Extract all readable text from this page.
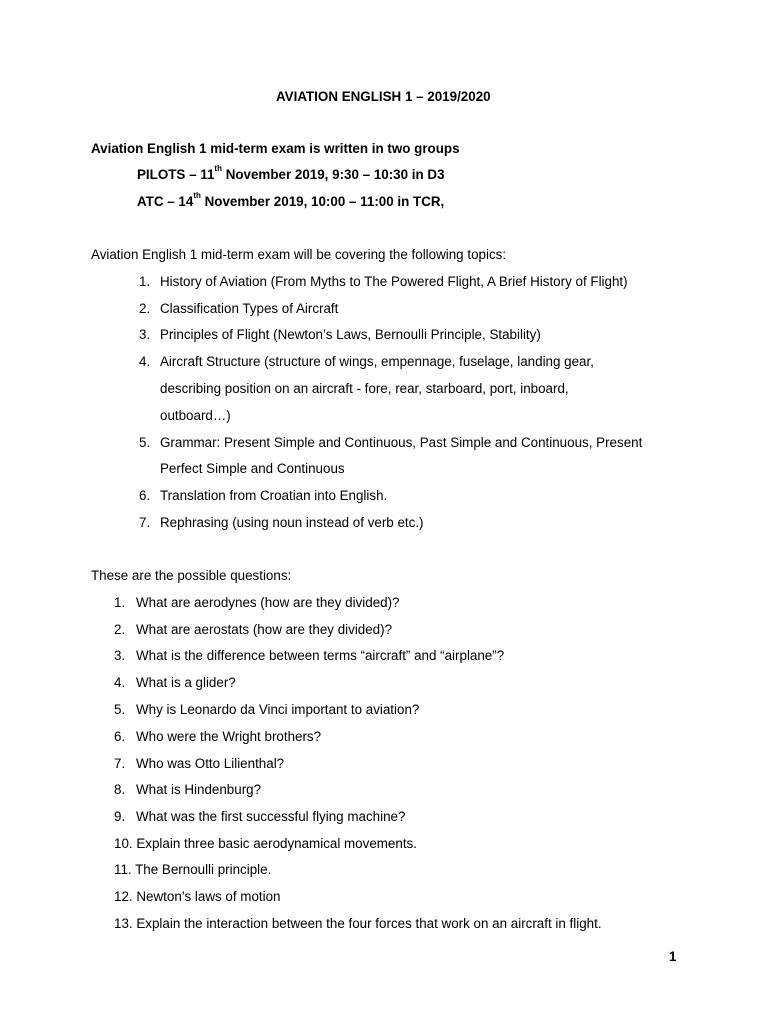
AVIATION ENGLISH 1 – 2019/2020
Aviation English 1 mid-term exam is written in two groups
PILOTS – 11th November 2019, 9:30 – 10:30 in D3
ATC – 14th November 2019, 10:00 – 11:00 in TCR,
Aviation English 1 mid-term exam will be covering the following topics:
1. History of Aviation (From Myths to The Powered Flight, A Brief History of Flight)
2. Classification Types of Aircraft
3. Principles of Flight (Newton’s Laws, Bernoulli Principle, Stability)
4. Aircraft Structure (structure of wings, empennage, fuselage, landing gear,
describing position on an aircraft - fore, rear, starboard, port, inboard,
outboard…)
5. Grammar: Present Simple and Continuous, Past Simple and Continuous, Present
Perfect Simple and Continuous
6. Translation from Croatian into English.
7. Rephrasing (using noun instead of verb etc.)
These are the possible questions:
1. What are aerodynes (how are they divided)?
2. What are aerostats (how are they divided)?
3. What is the difference between terms “aircraft” and “airplane”?
4. What is a glider?
5. Why is Leonardo da Vinci important to aviation?
6. Who were the Wright brothers?
7. Who was Otto Lilienthal?
8. What is Hindenburg?
9. What was the first successful flying machine?
10. Explain three basic aerodynamical movements.
11. The Bernoulli principle.
12. Newton’s laws of motion
13. Explain the interaction between the four forces that work on an aircraft in flight.
1
